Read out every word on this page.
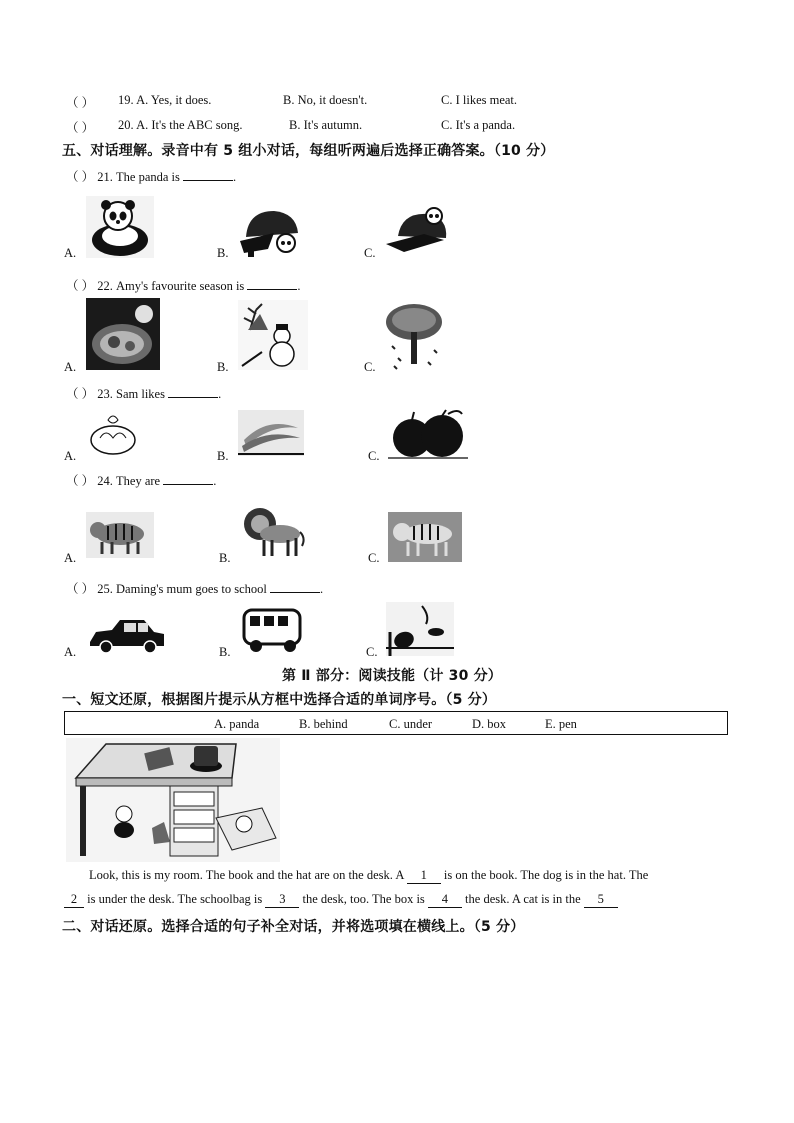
（ ） 19. A. Yes, it does.	B. No, it doesn't.	C. I likes meat.
（ ） 20. A. It's the ABC song.	B. It's autumn.	C. It's a panda.
五、对话理解。录音中有 5 组小对话，每组听两遍后选择正确答案。（10 分）
（ ） 21. The panda is	.
A.	B.	C.
（ ） 22. Amy's favourite season is	.
A.	B.	C.
（ ） 23. Sam likes	.
A.	B.	C.
（ ） 24. They are	.
A.	B.	C.
（ ） 25. Daming's mum goes to school	.
A.	B.	C.
第 Ⅱ 部分：阅读技能（计 30 分）
一、短文还原，根据图片提示从方框中选择合适的单词序号。（5 分）
A. panda	B. behind	C. under	D. box	E. pen
Look, this is my room. The book and the hat are on the desk. A 1 is on the book. The dog is in the hat. The
2 is under the desk. The schoolbag is 3 the desk, too. The box is 4 the desk. A cat is in the 5
二、对话还原。选择合适的句子补全对话，并将选项填在横线上。（5 分）
